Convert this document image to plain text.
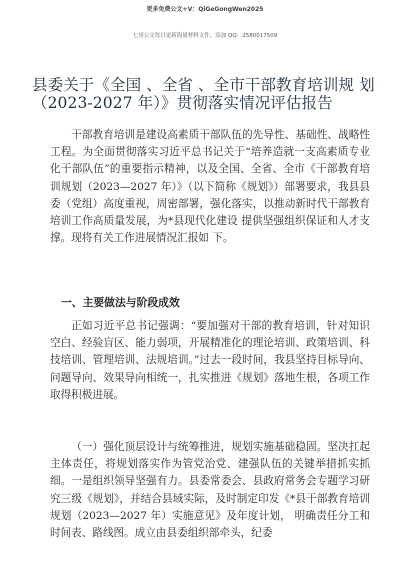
更多免费公文+V：QiGeGongWen2025
七哥公文每日更新海量材料文件，添加 QQ：2580017509
县委关于《全国 、全省 、全市干部教育培训规 划 （2023-2027 年）》贯彻落实情况评估报告

干部教育培训是建设高素质干部队伍的先导性、基础性、战略性工程。为全面贯彻落实习近平总书记关于“培养造就一支高素质专业化干部队伍”的重要指示精神，以及全国、全省、全市《干部教育培训规划（2023—2027 年）》（以下简称《规划》）部署要求，我县县委（党组）高度重视，周密部署，强化落实，以推动新时代干部教育培训工作高质量发展，为*县现代化建设 提供坚强组织保证和人才支撑。现将有关工作进展情况汇报如 下。

一、主要做法与阶段成效

正如习近平总书记强调：“要加强对干部的教育培训，针对知识空白、经验盲区、能力弱项，开展精准化的理论培训、政策培训、科技培训、管理培训、法规培训。”过去一段时间，我县坚持目标导向、问题导向、效果导向相统一，扎实推进《规划》落地生根，各项工作取得积极进展。

（一）强化顶层设计与统筹推进，规划实施基础稳固。坚决扛起主体责任，将规划落实作为管党治党、建强队伍的关键举措抓实抓细。一是组织领导坚强有力。县委常委会、县政府常务会专题学习研究三级《规划》，并结合县域实际，及时制定印发《*县干部教育培训规划（2023—2027 年）实施意见》及年度计划， 明确责任分工和时间表、路线图。成立由县委组织部牵头，纪委
